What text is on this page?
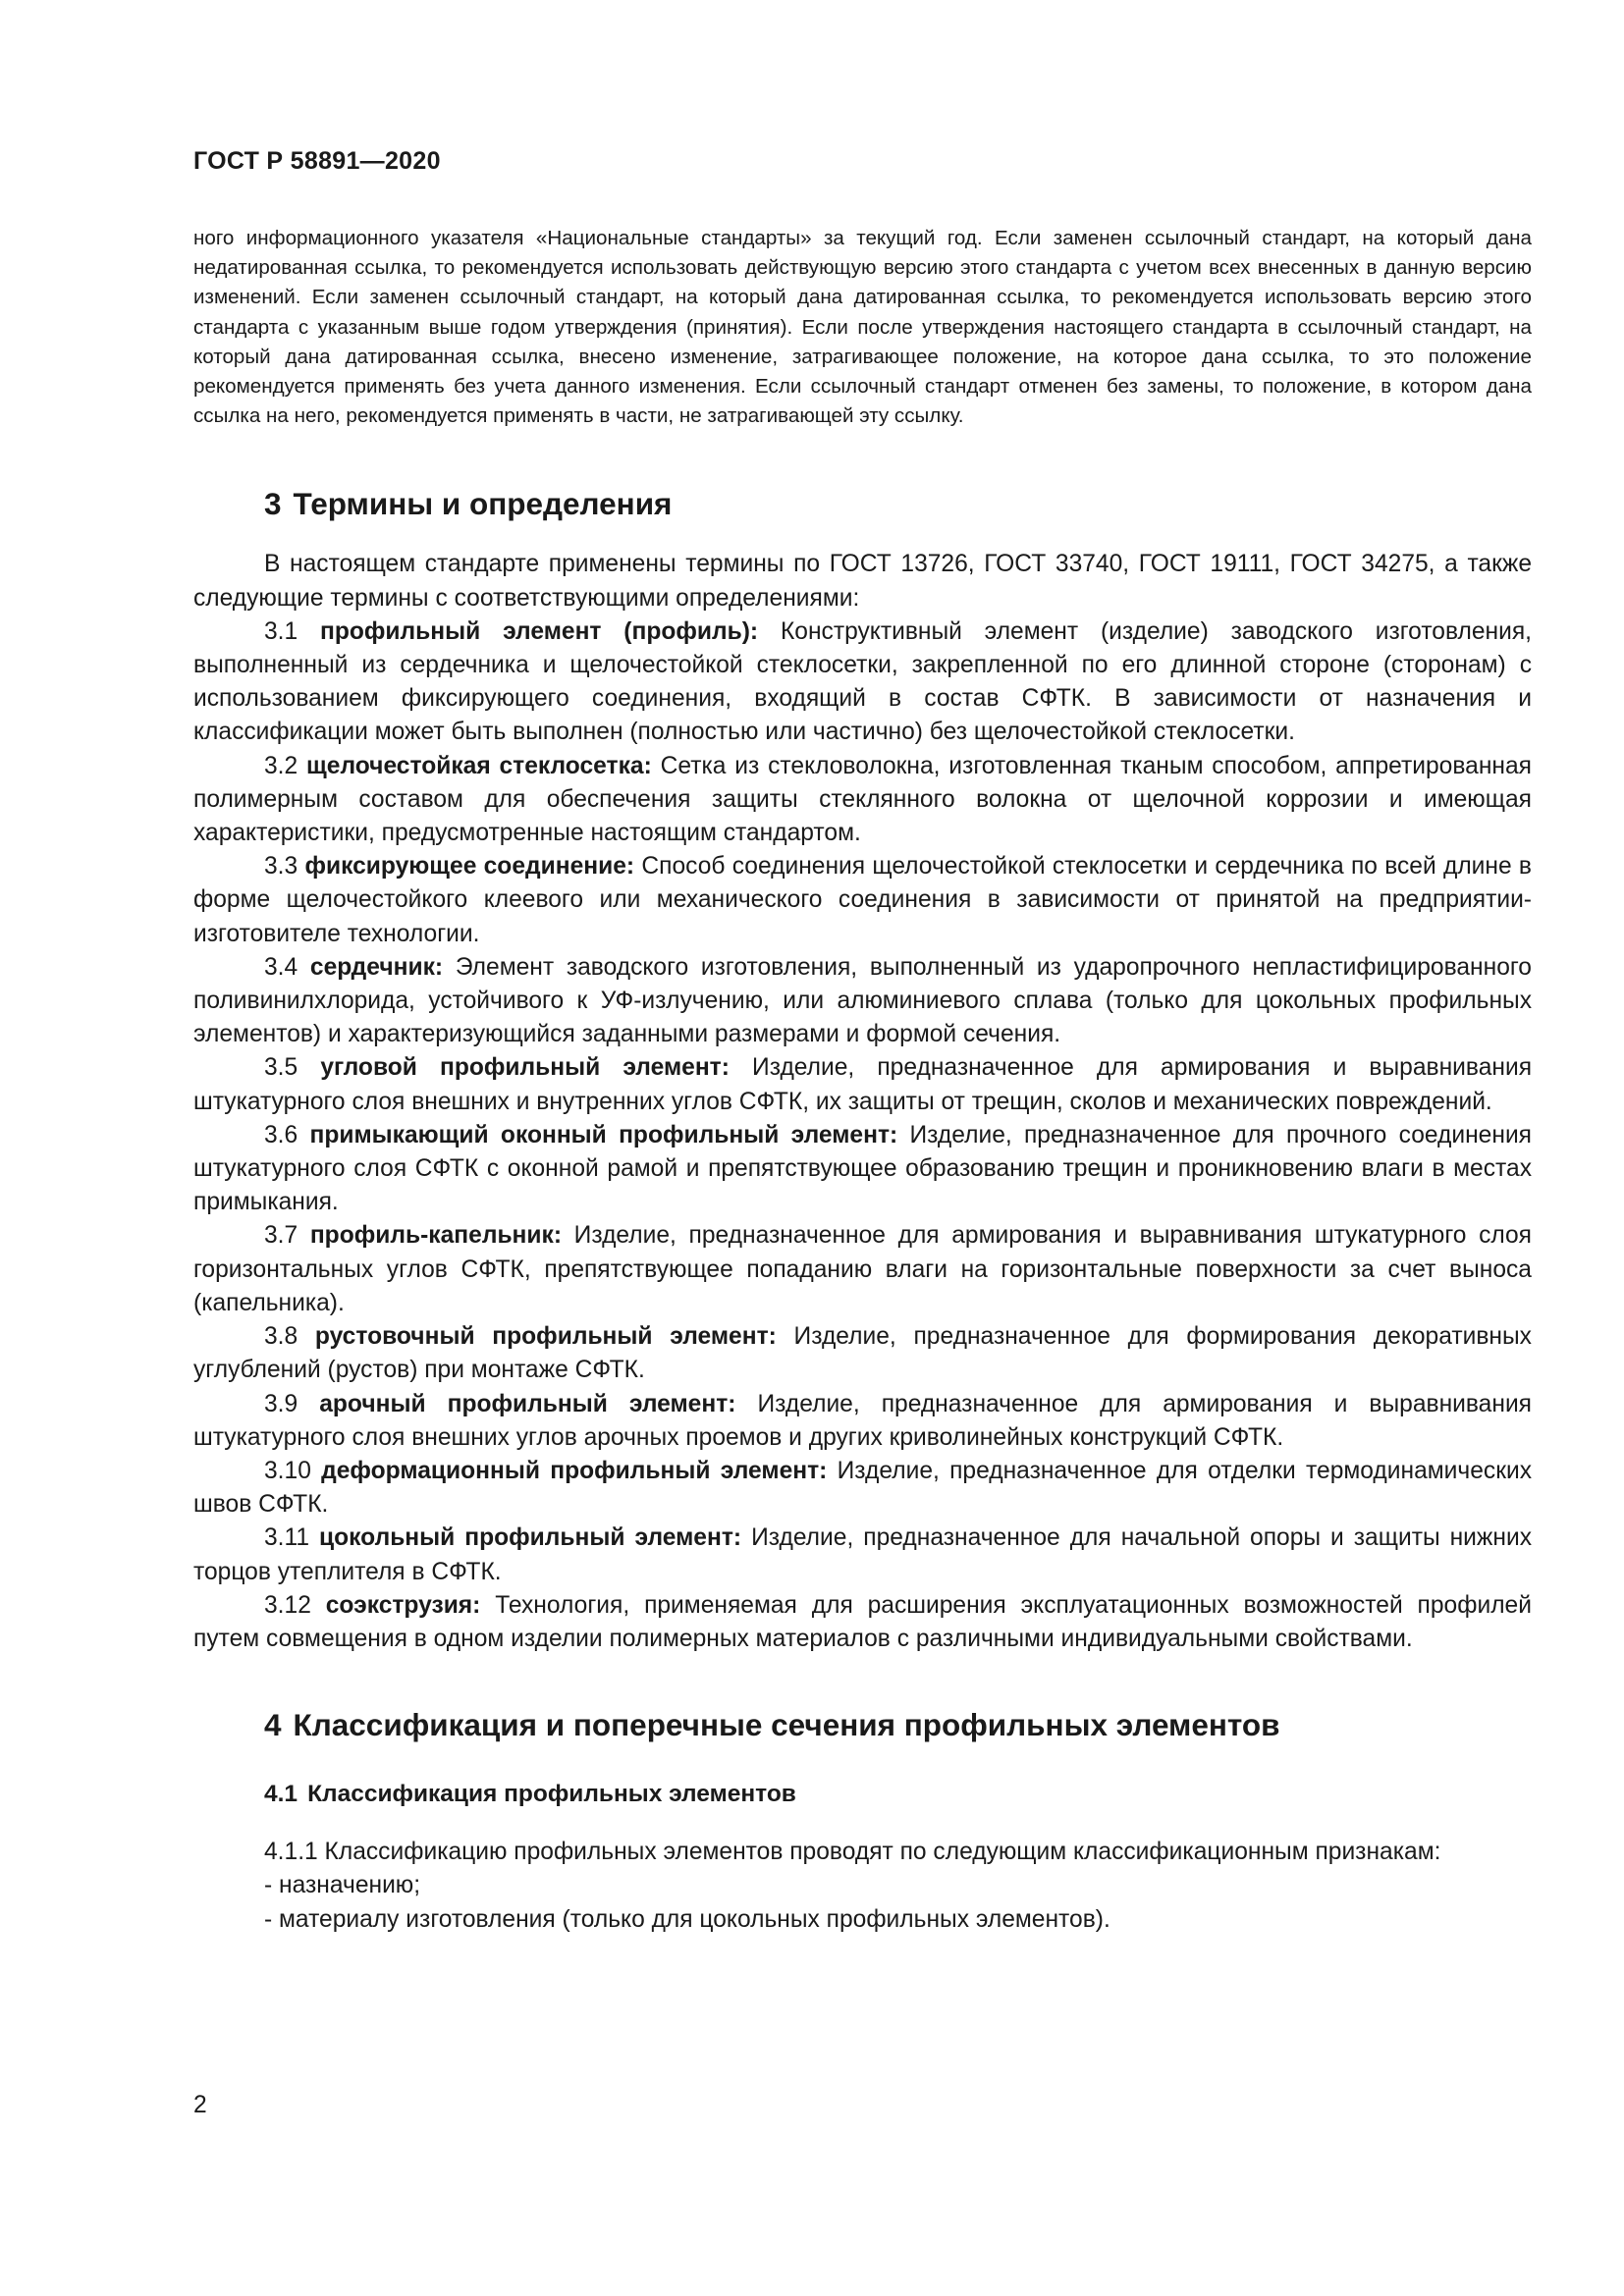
ГОСТ Р 58891—2020

ного информационного указателя «Национальные стандарты» за текущий год. Если заменен ссылочный стандарт, на который дана недатированная ссылка, то рекомендуется использовать действующую версию этого стандарта с учетом всех внесенных в данную версию изменений. Если заменен ссылочный стандарт, на который дана датированная ссылка, то рекомендуется использовать версию этого стандарта с указанным выше годом утверждения (принятия). Если после утверждения настоящего стандарта в ссылочный стандарт, на который дана датированная ссылка, внесено изменение, затрагивающее положение, на которое дана ссылка, то это положение рекомендуется применять без учета данного изменения. Если ссылочный стандарт отменен без замены, то положение, в котором дана ссылка на него, рекомендуется применять в части, не затрагивающей эту ссылку.

3 Термины и определения

В настоящем стандарте применены термины по ГОСТ 13726, ГОСТ 33740, ГОСТ 19111, ГОСТ 34275, а также следующие термины с соответствующими определениями:

3.1 профильный элемент (профиль): Конструктивный элемент (изделие) заводского изготовления, выполненный из сердечника и щелочестойкой стеклосетки, закрепленной по его длинной стороне (сторонам) с использованием фиксирующего соединения, входящий в состав СФТК. В зависимости от назначения и классификации может быть выполнен (полностью или частично) без щелочестойкой стеклосетки.

3.2 щелочестойкая стеклосетка: Сетка из стекловолокна, изготовленная тканым способом, аппретированная полимерным составом для обеспечения защиты стеклянного волокна от щелочной коррозии и имеющая характеристики, предусмотренные настоящим стандартом.

3.3 фиксирующее соединение: Способ соединения щелочестойкой стеклосетки и сердечника по всей длине в форме щелочестойкого клеевого или механического соединения в зависимости от принятой на предприятии-изготовителе технологии.

3.4 сердечник: Элемент заводского изготовления, выполненный из ударопрочного непластифицированного поливинилхлорида, устойчивого к УФ-излучению, или алюминиевого сплава (только для цокольных профильных элементов) и характеризующийся заданными размерами и формой сечения.

3.5 угловой профильный элемент: Изделие, предназначенное для армирования и выравнивания штукатурного слоя внешних и внутренних углов СФТК, их защиты от трещин, сколов и механических повреждений.

3.6 примыкающий оконный профильный элемент: Изделие, предназначенное для прочного соединения штукатурного слоя СФТК с оконной рамой и препятствующее образованию трещин и проникновению влаги в местах примыкания.

3.7 профиль-капельник: Изделие, предназначенное для армирования и выравнивания штукатурного слоя горизонтальных углов СФТК, препятствующее попаданию влаги на горизонтальные поверхности за счет выноса (капельника).

3.8 рустовочный профильный элемент: Изделие, предназначенное для формирования декоративных углублений (рустов) при монтаже СФТК.

3.9 арочный профильный элемент: Изделие, предназначенное для армирования и выравнивания штукатурного слоя внешних углов арочных проемов и других криволинейных конструкций СФТК.

3.10 деформационный профильный элемент: Изделие, предназначенное для отделки термодинамических швов СФТК.

3.11 цокольный профильный элемент: Изделие, предназначенное для начальной опоры и защиты нижних торцов утеплителя в СФТК.

3.12 соэкструзия: Технология, применяемая для расширения эксплуатационных возможностей профилей путем совмещения в одном изделии полимерных материалов с различными индивидуальными свойствами.

4 Классификация и поперечные сечения профильных элементов
4.1 Классификация профильных элементов

4.1.1 Классификацию профильных элементов проводят по следующим классификационным признакам:

- назначению;
- материалу изготовления (только для цокольных профильных элементов).
2
